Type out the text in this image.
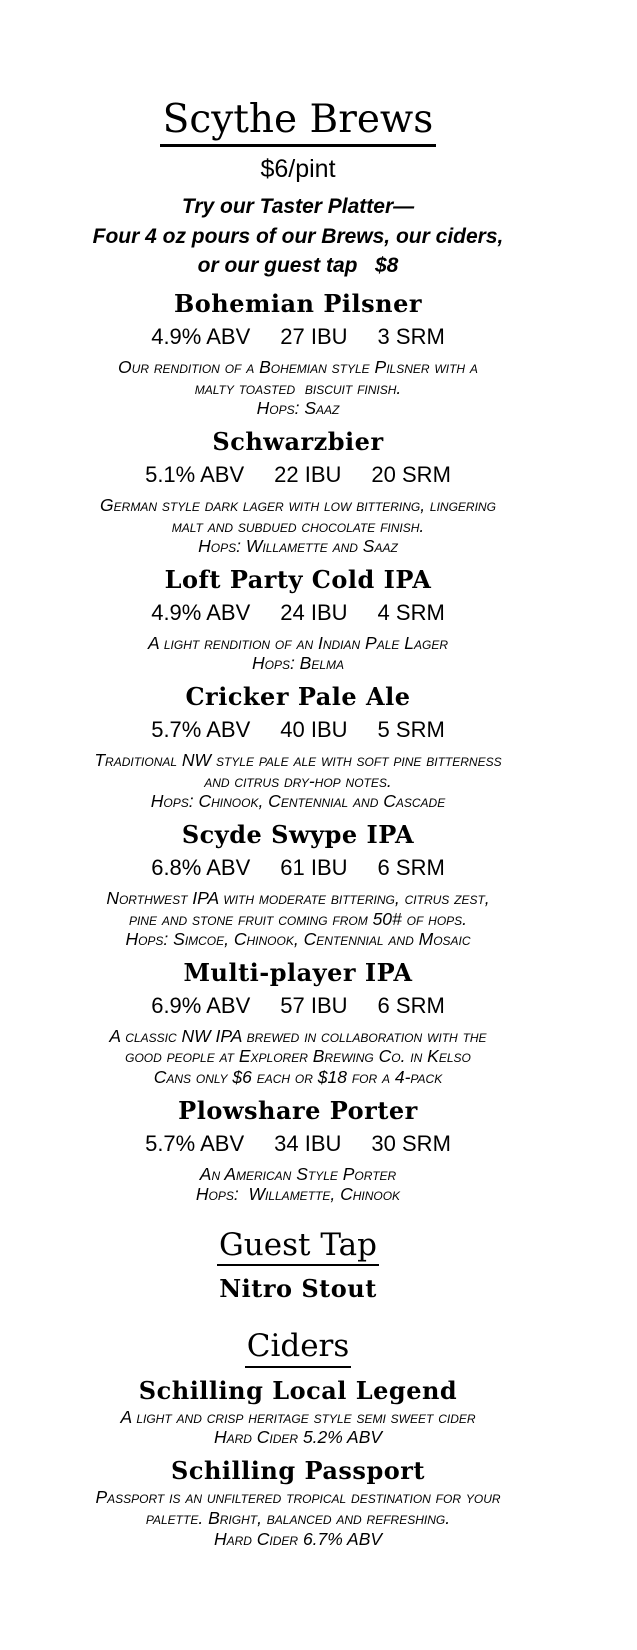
Scythe Brews
$6/pint
Try our Taster Platter—
Four 4 oz pours of our Brews, our ciders,
or our guest tap   $8
Bohemian Pilsner
4.9% ABV 27 IBU 3 SRM
Our rendition of a Bohemian style Pilsner with a
malty toasted  biscuit finish.
Hops: Saaz
Schwarzbier
5.1% ABV 22 IBU 20 SRM
German style dark lager with low bittering, lingering
malt and subdued chocolate finish.
Hops: Willamette and Saaz
Loft Party Cold IPA
4.9% ABV 24 IBU 4 SRM
A light rendition of an Indian Pale Lager
Hops: Belma
Cricker Pale Ale
5.7% ABV 40 IBU 5 SRM
Traditional NW style pale ale with soft pine bitterness
and citrus dry-hop notes.
Hops: Chinook, Centennial and Cascade
Scyde Swype IPA
6.8% ABV 61 IBU 6 SRM
Northwest IPA with moderate bittering, citrus zest,
pine and stone fruit coming from 50# of hops.
Hops: Simcoe, Chinook, Centennial and Mosaic
Multi-player IPA
6.9% ABV 57 IBU 6 SRM
A classic NW IPA brewed in collaboration with the
good people at Explorer Brewing Co. in Kelso
Cans only $6 each or $18 for a 4-pack
Plowshare Porter
5.7% ABV 34 IBU 30 SRM
An American Style Porter
Hops:  Willamette, Chinook
Guest Tap
Nitro Stout
Ciders
Schilling Local Legend
A light and crisp heritage style semi sweet cider
Hard Cider 5.2% ABV
Schilling Passport
Passport is an unfiltered tropical destination for your
palette. Bright, balanced and refreshing.
Hard Cider 6.7% ABV
